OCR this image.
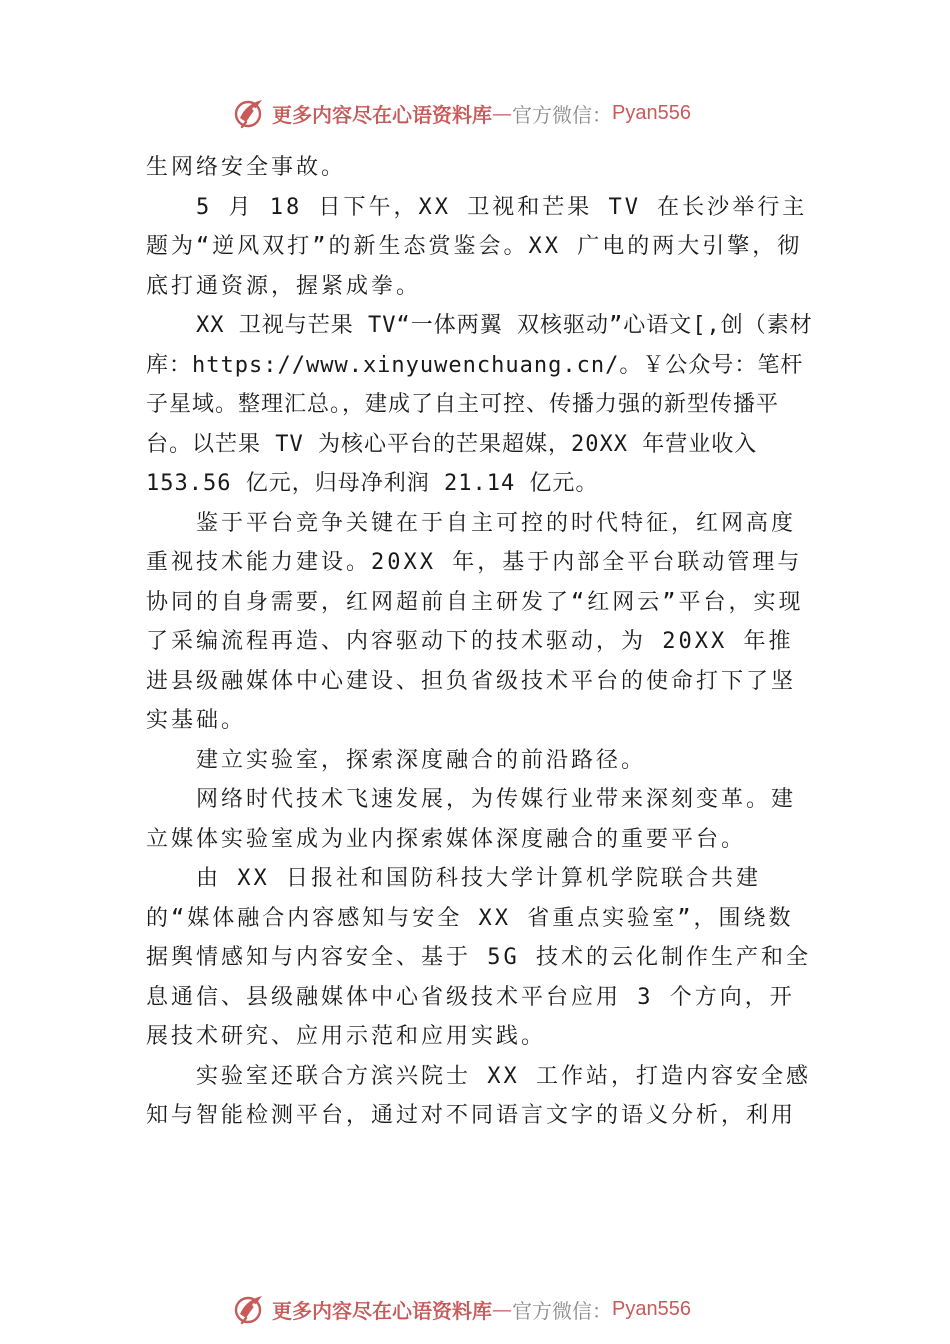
更多内容尽在心语资料库 — 官方微信： Pyan556

生网络安全事故。

5 月 18 日下午，XX 卫视和芒果 TV 在长沙举行主题为“逆风双打”的新生态赏鉴会。XX 广电的两大引擎，彻底打通资源，握紧成拳。

XX 卫视与芒果 TV“一体两翼 双核驱动”心语文[,创（素材库：https://www.xinyuwenchuang.cn/。￥公众号：笔杆子星域。整理汇总。，建成了自主可控、传播力强的新型传播平台。以芒果 TV 为核心平台的芒果超媒，20XX 年营业收入 153.56 亿元，归母净利润 21.14 亿元。

鉴于平台竞争关键在于自主可控的时代特征，红网高度重视技术能力建设。20XX 年，基于内部全平台联动管理与协同的自身需要，红网超前自主研发了“红网云”平台，实现了采编流程再造、内容驱动下的技术驱动，为 20XX 年推进县级融媒体中心建设、担负省级技术平台的使命打下了坚实基础。

建立实验室，探索深度融合的前沿路径。

网络时代技术飞速发展，为传媒行业带来深刻变革。建立媒体实验室成为业内探索媒体深度融合的重要平台。

由 XX 日报社和国防科技大学计算机学院联合共建的“媒体融合内容感知与安全 XX 省重点实验室”，围绕数据舆情感知与内容安全、基于 5G 技术的云化制作生产和全息通信、县级融媒体中心省级技术平台应用 3 个方向，开展技术研究、应用示范和应用实践。

实验室还联合方滨兴院士 XX 工作站，打造内容安全感知与智能检测平台，通过对不同语言文字的语义分析，利用

更多内容尽在心语资料库 — 官方微信： Pyan556
